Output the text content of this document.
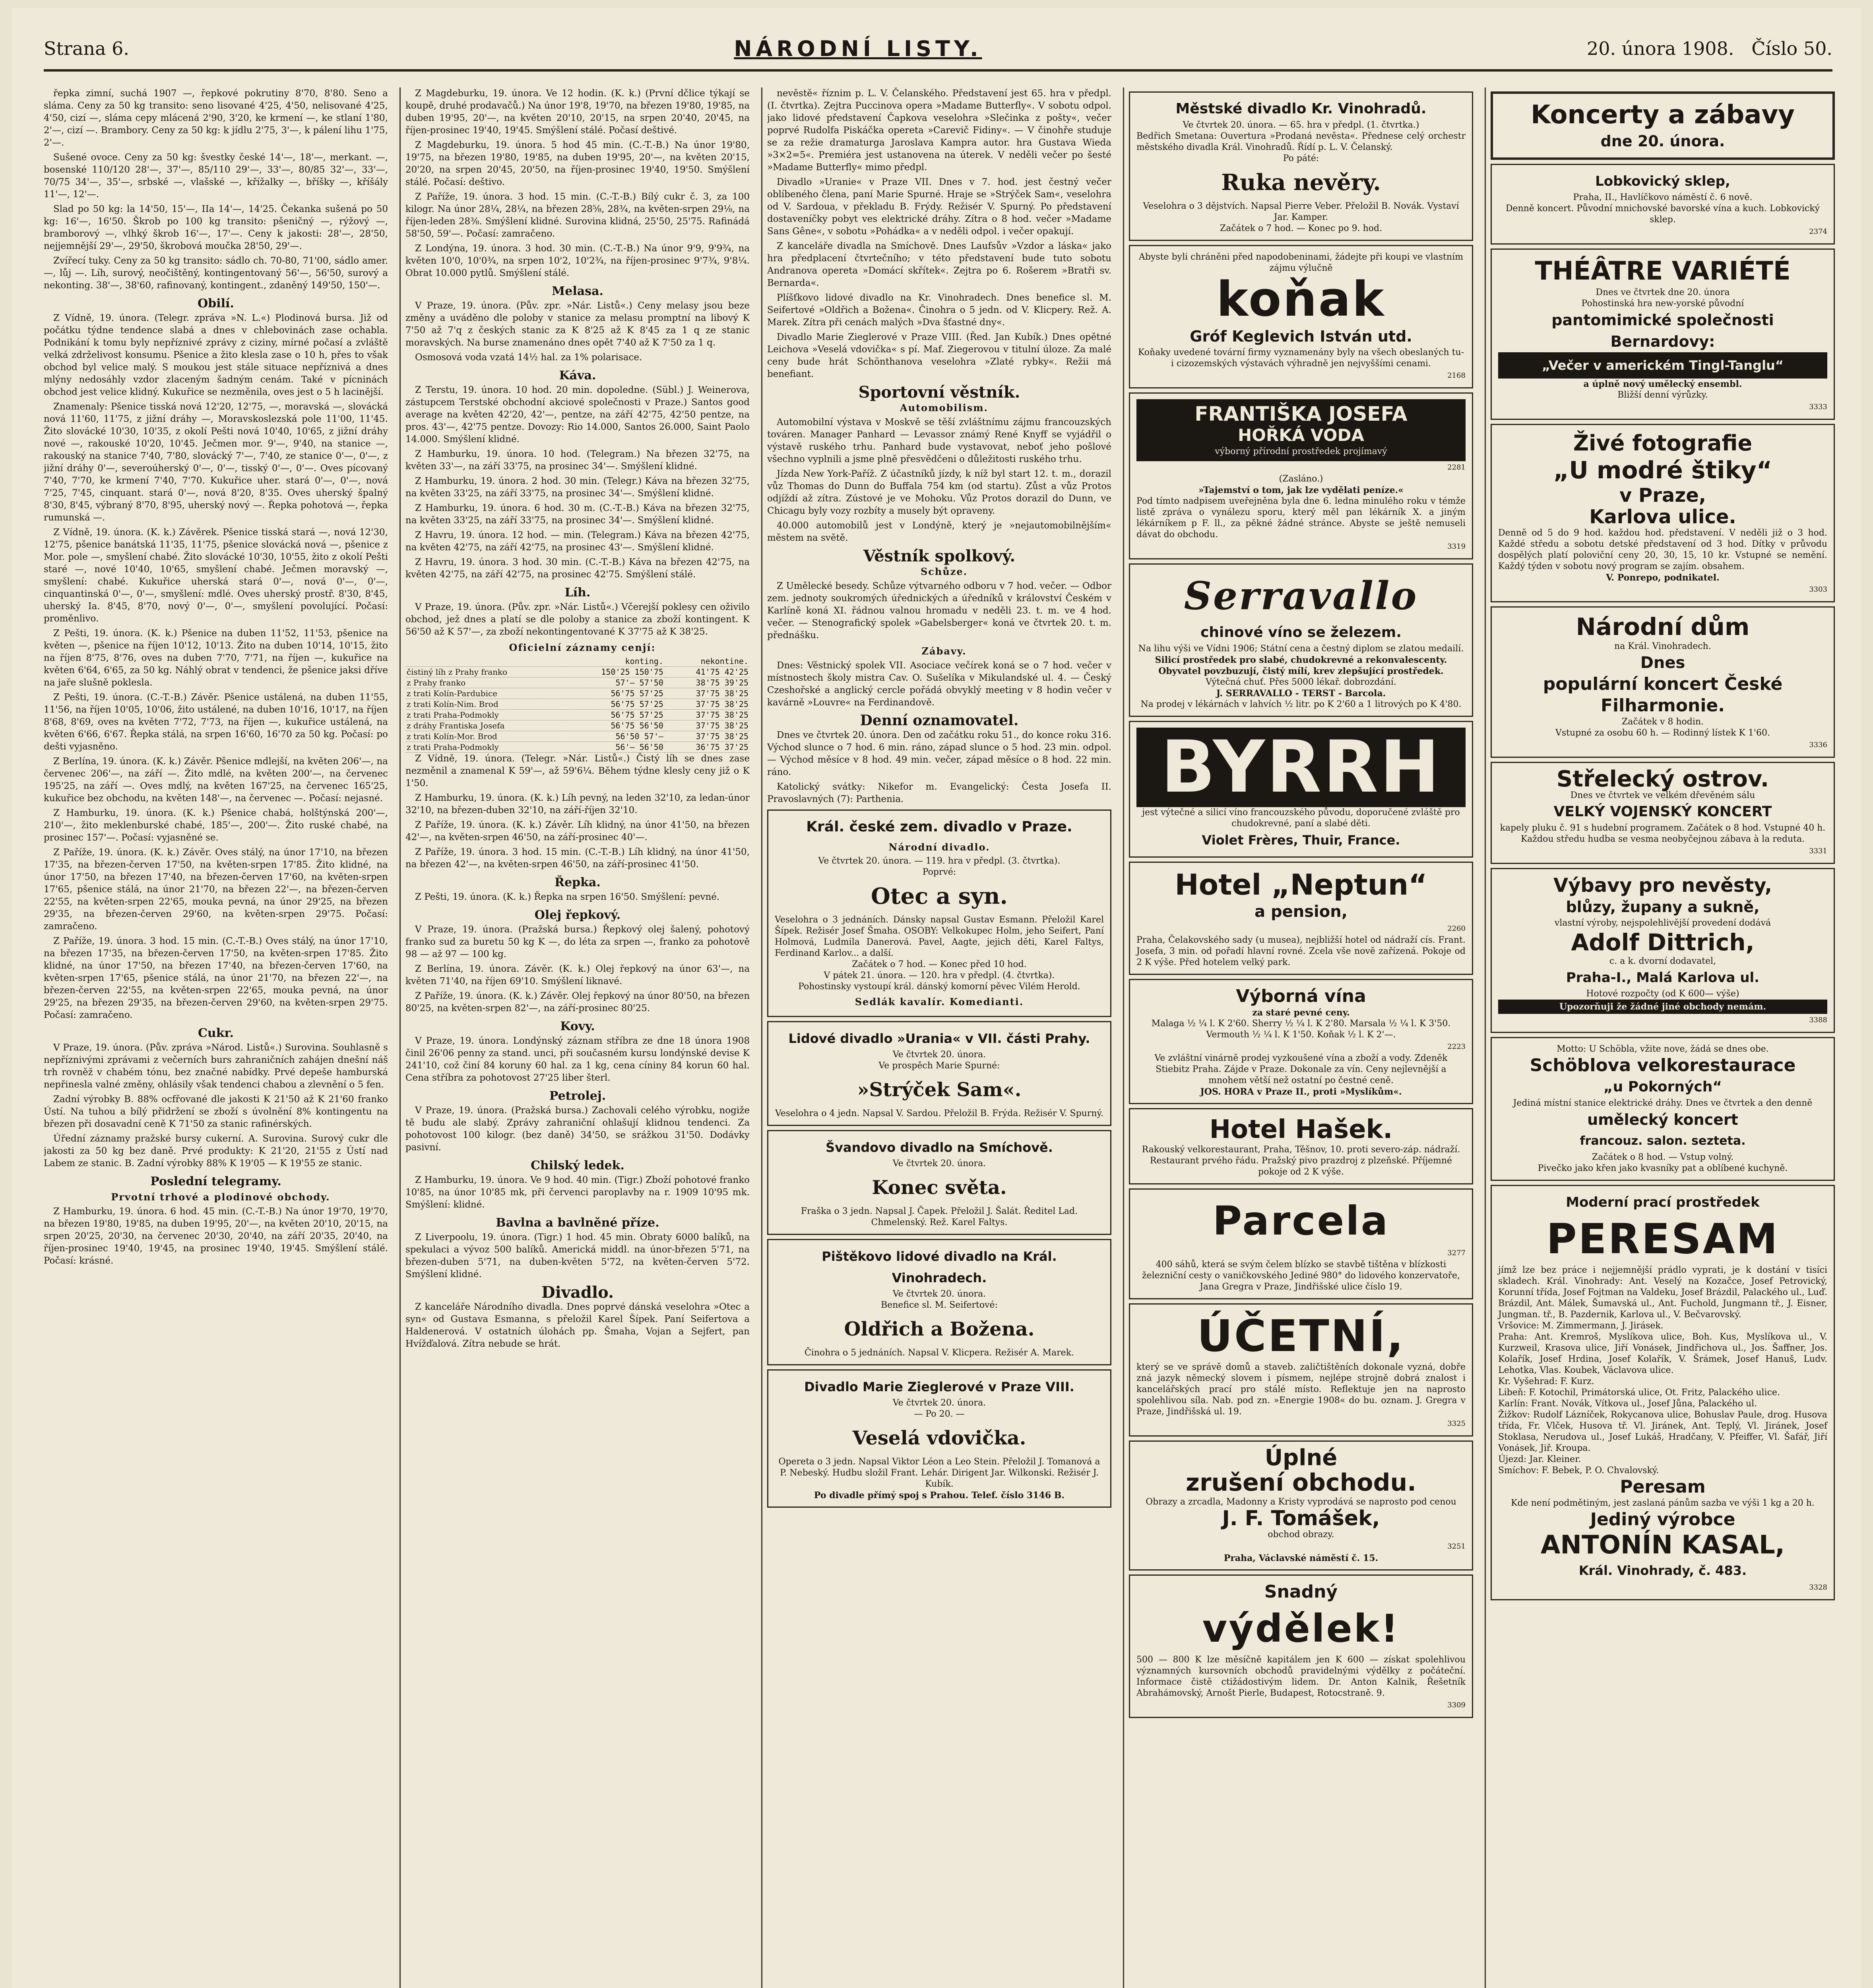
Strana 6.	NÁRODNÍ LISTY.	20. února 1908. Číslo 50.

řepka zimní, suchá 1907 —, řepkové pokrutiny 8'70, 8'80. Seno a sláma. Ceny za 50 kg transito: seno lisované 4'25, 4'50, nelisované 4'25, 4'50, cizí —, sláma cepy mlácená 2'90, 3'20, ke krmení —, ke stlaní 1'80, 2'—, cizí —. Brambory. Ceny za 50 kg: k jídlu 2'75, 3'—, k pálení lihu 1'75, 2'—.

Sušené ovoce. Ceny za 50 kg: švestky české 14'—, 18'—, merkant. —, bosenské 110/120 28'—, 37'—, 85/110 29'—, 33'—, 80/85 32'—, 33'—, 70/75 34'—, 35'—, srbské —, vlašské —, křížalky —, bříšky —, kříšály 11'—, 12'—.

Slad po 50 kg: la 14'50, 15'—, IIa 14'—, 14'25. Čekanka sušená po 50 kg: 16'—, 16'50. Škrob po 100 kg transito: pšeničný —, rýžový —, bramborový —, vlhký škrob 16'—, 17'—. Ceny k jakosti: 28'—, 28'50, nejjemnější 29'—, 29'50, škrobová moučka 28'50, 29'—.

Zvířecí tuky. Ceny za 50 kg transito: sádlo ch. 70-80, 71'00, sádlo amer. —, lůj —. Líh, surový, neočištěný, kontingentovaný 56'—, 56'50, surový a nekonting. 38'—, 38'60, rafinovaný, kontingent., zdaněný 149'50, 150'—.

Obilí.

Z Vídně, 19. února. (Telegr. zpráva »N. L.«) Plodinová bursa. Již od počátku týdne tendence slabá a dnes v chlebovinách zase ochabla. Podnikání k tomu byly nepříznivé zprávy z ciziny, mírné počasí a zvláště velká zdrželivost konsumu. Pšenice a žito klesla zase o 10 h, přes to však obchod byl velice malý. S moukou jest stále situace nepříznivá a dnes mlýny nedosáhly vzdor zlaceným šadným cenám. Také v pícninách obchod jest velice klidný. Kukuřice se nezměnila, oves jest o 5 h lacinější.

Znamenaly: Pšenice tisská nová 12'20, 12'75, —, moravská —, slovácká nová 11'60, 11'75, z jižní dráhy —, Moravskoslezská pole 11'00, 11'45. Žito slovácké 10'30, 10'35, z okolí Pešti nová 10'40, 10'65, z jižní dráhy nové —, rakouské 10'20, 10'45. Ječmen mor. 9'—, 9'40, na stanice —, rakouský na stanice 7'40, 7'80, slovácký 7'—, 7'40, ze stanice 0'—, 0'—, z jižní dráhy 0'—, severoúherský 0'—, 0'—, tisský 0'—, 0'—. Oves pícovaný 7'40, 7'70, ke krmení 7'40, 7'70. Kukuřice uher. stará 0'—, 0'—, nová 7'25, 7'45, cinquant. stará 0'—, nová 8'20, 8'35. Oves uherský špalný 8'30, 8'45, výbraný 8'70, 8'95, uherský nový —. Řepka pohotová —, řepka rumunská —.

Z Vídně, 19. února. (K. k.) Závěrek. Pšenice tisská stará —, nová 12'30, 12'75, pšenice banátská 11'35, 11'75, pšenice slovácká nová —, pšenice z Mor. pole —, smyšlení chabé. Žito slovácké 10'30, 10'55, žito z okolí Pešti staré —, nové 10'40, 10'65, smyšlení chabé. Ječmen moravský —, smyšlení: chabé. Kukuřice uherská stará 0'—, nová 0'—, 0'—, cinquantinská 0'—, 0'—, smyšlení: mdlé. Oves uherský prostř. 8'30, 8'45, uherský Ia. 8'45, 8'70, nový 0'—, 0'—, smyšlení povolující. Počasí: proměnlivo.

Z Pešti, 19. února. (K. k.) Pšenice na duben 11'52, 11'53, pšenice na květen —, pšenice na říjen 10'12, 10'13. Žito na duben 10'14, 10'15, žito na říjen 8'75, 8'76, oves na duben 7'70, 7'71, na říjen —, kukuřice na květen 6'64, 6'65, za 50 kg. Náhlý obrat v tendenci, že pšenice jaksi dříve na jaře slušně poklesla.

Z Pešti, 19. února. (C.-T.-B.) Závěr. Pšenice ustálená, na duben 11'55, 11'56, na říjen 10'05, 10'06, žito ustálené, na duben 10'16, 10'17, na říjen 8'68, 8'69, oves na květen 7'72, 7'73, na říjen —, kukuřice ustálená, na květen 6'66, 6'67. Řepka stálá, na srpen 16'60, 16'70 za 50 kg. Počasí: po dešti vyjasněno.

Z Berlína, 19. února. (K. k.) Závěr. Pšenice mdlejší, na květen 206'—, na červenec 206'—, na září —. Žito mdlé, na květen 200'—, na červenec 195'25, na září —. Oves mdlý, na květen 167'25, na červenec 165'25, kukuřice bez obchodu, na květen 148'—, na červenec —. Počasí: nejasné.

Z Hamburku, 19. února. (K. k.) Pšenice chabá, holštýnská 200'—, 210'—, žito meklenburské chabé, 185'—, 200'—. Žito ruské chabé, na prosinec 157'—. Počasí: vyjasněné se.

Z Paříže, 19. února. (K. k.) Závěr. Oves stálý, na únor 17'10, na březen 17'35, na březen-červen 17'50, na květen-srpen 17'85. Žito klidné, na únor 17'50, na březen 17'40, na březen-červen 17'60, na květen-srpen 17'65, pšenice stálá, na únor 21'70, na březen 22'—, na březen-červen 22'55, na květen-srpen 22'65, mouka pevná, na únor 29'25, na březen 29'35, na březen-červen 29'60, na květen-srpen 29'75. Počasí: zamračeno.

Z Paříže, 19. února. 3 hod. 15 min. (C.-T.-B.) Oves stálý, na únor 17'10, na březen 17'35, na březen-červen 17'50, na květen-srpen 17'85. Žito klidné, na únor 17'50, na březen 17'40, na březen-červen 17'60, na květen-srpen 17'65, pšenice stálá, na únor 21'70, na březen 22'—, na březen-červen 22'55, na květen-srpen 22'65, mouka pevná, na únor 29'25, na březen 29'35, na březen-červen 29'60, na květen-srpen 29'75. Počasí: zamračeno.

Cukr.

V Praze, 19. února. (Pův. zpráva »Národ. Listů«.) Surovina. Souhlasně s nepříznivými zprávami z večerních burs zahraničních zahájen dnešní náš trh rovněž v chabém tónu, bez značné nabídky. Prvé depeše hamburská nepřinesla valné změny, ohlásily však tendenci chabou a zlevnění o 5 fen.

Zadní výrobky B. 88% ocfřované dle jakosti K 21'50 až K 21'60 franko Ústí. Na tuhou a bílý přidržení se zboží s úvolnění 8% kontingentu na březen při dosavadní ceně K 71'50 za stanic rafinérských.

Úřední záznamy pražské bursy cukerní. A. Surovina. Surový cukr dle jakosti za 50 kg bez daně. Prvé produkty: K 21'20, 21'55 z Ústí nad Labem ze stanic. B. Zadní výrobky 88% K 19'05 — K 19'55 ze stanic.

Poslední telegramy.

Prvotní trhové a plodinové obchody.

Z Hamburku, 19. února. 6 hod. 45 min. (C.-T.-B.) Na únor 19'70, 19'70, na březen 19'80, 19'85, na duben 19'95, 20'—, na květen 20'10, 20'15, na srpen 20'25, 20'30, na červenec 20'30, 20'40, na září 20'35, 20'40, na říjen-prosinec 19'40, 19'45, na prosinec 19'40, 19'45. Smýšlení stálé. Počasí: krásné.

Z Magdeburku, 19. února. Ve 12 hodin. (K. k.) (První dčlice týkají se koupě, druhé prodavačů.) Na únor 19'8, 19'70, na březen 19'80, 19'85, na duben 19'95, 20'—, na květen 20'10, 20'15, na srpen 20'40, 20'45, na říjen-prosinec 19'40, 19'45. Smýšlení stálé. Počasí deštivé.

Z Magdeburku, 19. února. 5 hod 45 min. (C.-T.-B.) Na únor 19'80, 19'75, na březen 19'80, 19'85, na duben 19'95, 20'—, na květen 20'15, 20'20, na srpen 20'45, 20'50, na říjen-prosinec 19'40, 19'50. Smýšlení stálé. Počasí: deštivo.

Z Paříže, 19. února. 3 hod. 15 min. (C.-T.-B.) Bílý cukr č. 3, za 100 kilogr. Na únor 28¼, 28¼, na březen 28⅝, 28¾, na květen-srpen 29⅛, na říjen-leden 28⅜. Smýšlení klidné. Surovina klidná, 25'50, 25'75. Rafinádá 58'50, 59'—. Počasí: zamračeno.

Z Londýna, 19. února. 3 hod. 30 min. (C.-T.-B.) Na únor 9'9, 9'9¾, na květen 10'0, 10'0¾, na srpen 10'2, 10'2¾, na říjen-prosinec 9'7¾, 9'8¼. Obrat 10.000 pytlů. Smýšlení stálé.

Melasa.

V Praze, 19. února. (Pův. zpr. »Nár. Listů«.) Ceny melasy jsou beze změny a uváděno dle poloby v stanice za melasu promptní na libový K 7'50 až 7'q z českých stanic za K 8'25 až K 8'45 za 1 q ze stanic moravských. Na burse znamenáno dnes opět 7'40 až K 7'50 za 1 q.

Osmosová voda vzatá 14½ hal. za 1% polarisace.

Káva.

Z Terstu, 19. února. 10 hod. 20 min. dopoledne. (Sübl.) J. Weinerova, zástupcem Terstské obchodní akciové společnosti v Praze.) Santos good average na květen 42'20, 42'—, pentze, na září 42'75, 42'50 pentze, na pros. 43'—, 42'75 pentze. Dovozy: Rio 14.000, Santos 26.000, Saint Paolo 14.000. Smýšlení klidné.

Z Hamburku, 19. února. 10 hod. (Telegram.) Na březen 32'75, na květen 33'—, na září 33'75, na prosinec 34'—. Smýšlení klidné.

Z Hamburku, 19. února. 2 hod. 30 min. (Telegr.) Káva na březen 32'75, na květen 33'25, na září 33'75, na prosinec 34'—. Smýšlení klidné.

Z Hamburku, 19. února. 6 hod. 30 m. (C.-T.-B.) Káva na březen 32'75, na květen 33'25, na září 33'75, na prosinec 34'—. Smýšlení klidné.

Z Havru, 19. února. 12 hod. — min. (Telegram.) Káva na březen 42'75, na květen 42'75, na září 42'75, na prosinec 43'—. Smýšlení klidné.

Z Havru, 19. února. 3 hod. 30 min. (C.-T.-B.) Káva na březen 42'75, na květen 42'75, na září 42'75, na prosinec 42'75. Smýšlení stálé.

Líh.

V Praze, 19. února. (Pův. zpr. »Nár. Listů«.) Včerejší poklesy cen oživilo obchod, jež dnes a platí se dle poloby a stanice za zboží kontingent. K 56'50 až K 57'—, za zboží nekontingentované K 37'75 až K 38'25.

Oficielní záznamy cenjí:

	konting.	nekontine.
čistiný líh z Prahy franko	150'25 150'75	41'75 42'25
z Prahy franko	57'— 57'50	38'75 39'25
z trati Kolín-Pardubice	56'75 57'25	37'75 38'25
z trati Kolín-Nim. Brod	56'75 57'25	37'75 38'25
z trati Praha-Podmokly	56'75 57'25	37'75 38'25
z dráhy Frantiska Josefa	56'75 56'50	37'75 38'25
z trati Kolín-Mor. Brod	56'50 57'—	37'75 38'25
z trati Praha-Podmokly	56'— 56'50	36'75 37'25

Z Vídně, 19. února. (Telegr. »Nár. Listů«.) Čistý líh se dnes zase nezměnil a znamenal K 59'—, až 59'6¼. Během týdne klesly ceny již o K 1'50.

Z Hamburku, 19. února. (K. k.) Líh pevný, na leden 32'10, za ledan-únor 32'10, na březen-duben 32'10, na září-říjen 32'10.

Z Paříže, 19. února. (K. k.) Závěr. Líh klidný, na únor 41'50, na březen 42'—, na květen-srpen 46'50, na září-prosinec 40'—.

Z Paříže, 19. února. 3 hod. 15 min. (C.-T.-B.) Líh klidný, na únor 41'50, na březen 42'—, na květen-srpen 46'50, na září-prosinec 41'50.

Řepka.

Z Pešti, 19. února. (K. k.) Řepka na srpen 16'50. Smýšlení: pevné.

Olej řepkový.

V Praze, 19. února. (Pražská bursa.) Řepkový olej šalený, pohotový franko sud za buretu 50 kg K —, do léta za srpen —, franko za pohotově 98 — až 97 — 100 kg.

Z Berlína, 19. února. Závěr. (K. k.) Olej řepkový na únor 63'—, na květen 71'40, na říjen 69'10. Smýšlení liknavé.

Z Paříže, 19. února. (K. k.) Závěr. Olej řepkový na únor 80'50, na březen 80'25, na květen-srpen 82'—, na září-prosinec 80'25.

Kovy.

V Praze, 19. února. Londýnský záznam stříbra ze dne 18 února 1908 činil 26'06 penny za stand. unci, při současném kursu londýnské devise K 241'10, což činí 84 koruny 60 hal. za 1 kg, cena cíniny 84 korun 60 hal. Cena stříbra za pohotovost 27'25 liber šterl.

Petrolej.

V Praze, 19. února. (Pražská bursa.) Zachovali celého výrobku, nogiže tě budu ale slabý. Zprávy zahraniční ohlašují klidnou tendenci. Za pohotovost 100 kilogr. (bez daně) 34'50, se srážkou 31'50. Dodávky pasivní.

Chilský ledek.

Z Hamburku, 19. února. Ve 9 hod. 40 min. (Tigr.) Zboží pohotové franko 10'85, na únor 10'85 mk, při červenci paroplavby na r. 1909 10'95 mk. Smýšlení: klidné.

Bavlna a bavlněné příze.

Z Liverpoolu, 19. února. (Tigr.) 1 hod. 45 min. Obraty 6000 balíků, na spekulaci a vývoz 500 balíků. Americká middl. na únor-březen 5'71, na březen-duben 5'71, na duben-květen 5'72, na květen-červen 5'72. Smýšlení klidné.

Divadlo.

Z kanceláře Národního divadla. Dnes poprvé dánská veselohra »Otec a syn« od Gustava Esmanna, s přeložil Karel Šípek. Paní Seifertova a Haldenerová. V ostatních úlohách pp. Šmaha, Vojan a Sejfert, pan Hvížďalová. Zítra nebude se hrát.

nevěstě« říznim p. L. V. Čelanského. Představení jest 65. hra v předpl. (I. čtvrtka). Zejtra Puccinova opera »Madame Butterfly«. V sobotu odpol. jako lidové představení Čapkova veselohra »Slečinka z pošty«, večer poprvé Rudolfa Piskáčka opereta »Carevič Fidiny«. — V činohře studuje se za režie dramaturga Jaroslava Kampra autor. hra Gustava Wieda »3×2=5«. Premiéra jest ustanovena na úterek. V neděli večer po šesté »Madame Butterfly« mimo předpl.

Divadlo »Uranie« v Praze VII. Dnes v 7. hod. jest čestný večer oblíbeného člena, paní Marie Spurné. Hraje se »Strýček Sam«, veselohra od V. Sardoua, v překladu B. Frýdy. Režisér V. Spurný. Po představení dostaveníčky pobyt ves elektrické dráhy. Zítra o 8 hod. večer »Madame Sans Gêne«, v sobotu »Pohádka« a v neděli odpol. i večer opakují.

Z kanceláře divadla na Smíchově. Dnes Laufsův »Vzdor a láska« jako hra předplacení čtvrtečního; v této představení bude tuto sobotu Andranova opereta »Domácí skřítek«. Zejtra po 6. Rošerem »Bratři sv. Bernarda«.

Plíšťkovo lidové divadlo na Kr. Vinohradech. Dnes benefice sl. M. Seifertové »Oldřich a Božena«. Činohra o 5 jedn. od V. Klicpery. Rež. A. Marek. Zítra při cenách malých »Dva šťastné dny«.

Divadlo Marie Zieglerové v Praze VIII. (Řed. Jan Kubík.) Dnes opětné Leichova »Veselá vdovička« s pí. Maf. Ziegerovou v titulní úloze. Za malé ceny bude hrát Schönthanova veselohra »Zlaté rybky«. Režii má benefiant.

Sportovní věstník.

Automobilism.

Automobilní výstava v Moskvě se těší zvláštnímu zájmu francouzských továren. Manager Panhard — Levassor známý René Knyff se vyjádřil o výstavě ruského trhu. Panhard bude vystavovat, neboť jeho pošlové všechno vyplnili a jsme plně přesvědčeni o důležitosti ruského trhu.

Jízda New York-Paříž. Z účastníků jízdy, k níž byl start 12. t. m., dorazil vůz Thomas do Dunn do Buffala 754 km (od startu). Zůst a vůz Protos odjíždí až zítra. Zústové je ve Mohoku. Vůz Protos dorazil do Dunn, ve Chicagu byly vozy rozbíty a musely být opraveny.

40.000 automobilů jest v Londýně, který je »nejautomobilnějším« městem na světě.

Věstník spolkový.

Schůze.

Z Umělecké besedy. Schůze výtvarného odboru v 7 hod. večer. — Odbor zem. jednoty soukromých úřednických a úředníků v království Českém v Karlíně koná XI. řádnou valnou hromadu v neděli 23. t. m. ve 4 hod. večer. — Stenografický spolek »Gabelsberger« koná ve čtvrtek 20. t. m. přednášku.

Zábavy.

Dnes: Věstnický spolek VII. Asociace večírek koná se o 7 hod. večer v místnostech školy mistra Cav. O. Sušelíka v Mikulandské ul. 4. — Český Czeshořské a anglický cercle pořádá obvyklý meeting v 8 hodin večer v kavárně »Louvre« na Ferdinandově.

Denní oznamovatel.

Dnes ve čtvrtek 20. února. Den od začátku roku 51., do konce roku 316. Východ slunce o 7 hod. 6 min. ráno, západ slunce o 5 hod. 23 min. odpol. — Východ měsíce v 8 hod. 49 min. večer, západ měsíce o 8 hod. 22 min. ráno.

Katolický svátky: Nikefor m. Evangelický: Česta Josefa II. Pravoslavných (7): Parthenia.

Král. české zem. divadlo v Praze.
Národní divadlo.
Ve čtvrtek 20. února. — 119. hra v předpl. (3. čtvrtka).
Poprvé:
Otec a syn.
Veselohra o 3 jednáních. Dánsky napsal Gustav Esmann. Přeložil Karel Šípek. Režisér Josef Šmaha. OSOBY: Velkokupec Holm, jeho Seifert, Paní Holmová, Ludmila Danerová. Pavel, Aagte, jejich děti, Karel Faltys, Ferdinand Karlov... a další.
Začátek o 7 hod. — Konec před 10 hod.
V pátek 21. února. — 120. hra v předpl. (4. čtvrtka).
Pohostinsky vystoupí král. dánský komorní pěvec Vilém Herold.
Sedlák kavalír. Komedianti.
Lidové divadlo »Urania« v VII. části Prahy.
Ve čtvrtek 20. února.
Ve prospěch Marie Spurné:
»Strýček Sam«.
Veselohra o 4 jedn. Napsal V. Sardou. Přeložil B. Frýda. Režisér V. Spurný.
Švandovo divadlo na Smíchově.
Ve čtvrtek 20. února.
Konec světa.
Fraška o 3 jedn. Napsal J. Čapek. Přeložil J. Šalát. Ředitel Lad. Chmelenský. Rež. Karel Faltys.
Pištěkovo lidové divadlo na Král. Vinohradech.
Ve čtvrtek 20. února.
Benefice sl. M. Seifertové:
Oldřich a Božena.
Činohra o 5 jednáních. Napsal V. Klicpera. Režisér A. Marek.
Divadlo Marie Zieglerové v Praze VIII.
Ve čtvrtek 20. února.
— Po 20. —
Veselá vdovička.
Opereta o 3 jedn. Napsal Viktor Léon a Leo Stein. Přeložil J. Tomanová a P. Nebeský. Hudbu složil Frant. Lehár. Dirigent Jar. Wilkonski. Režisér J. Kubík.
Po divadle přímý spoj s Prahou. Telef. číslo 3146 B.
Městské divadlo Kr. Vinohradů.
Ve čtvrtek 20. února. — 65. hra v předpl. (1. čtvrtka.)
Bedřich Smetana: Ouvertura »Prodaná nevěsta«. Přednese celý orchestr městského divadla Král. Vinohradů. Řídí p. L. V. Čelanský.
Po páté:
Ruka nevěry.
Veselohra o 3 dějstvích. Napsal Pierre Veber. Přeložil B. Novák. Vystaví Jar. Kamper.
Začátek o 7 hod. — Konec po 9. hod.
Abyste byli chráněni před napodobeninami, žádejte při koupi ve vlastním zájmu výlučně
koňak
Gróf Keglevich István utd.
Koňaky uvedené tovární firmy vyznamenány byly na všech obeslaných tu- i cizozemských výstavách výhradně jen nejvyššími cenami.
2168
FRANTIŠKA JOSEFA
HOŘKÁ VODA
výborný přírodní prostředek projímavý
2281
(Zasláno.)
»Tajemství o tom, jak lze vydělati peníze.«
Pod tímto nadpisem uveřejněna byla dne 6. ledna minulého roku v témže listě zpráva o vynálezu sporu, který měl pan lékárník X. a jiným lékárníkem p F. ll., za pěkné žádné stránce. Abyste se ještě nemuseli dávat do obchodu.
3319
Serravallo
chinové víno se železem.
Na lihu výši ve Vídni 1906; Státní cena a čestný diplom se zlatou medailí.
Silicí prostředek pro slabé, chudokrevné a rekonvalescenty.
Obyvatel povzbuzují, čistý mílí, krev zlepšující prostředek.
Výtečná chuť. Přes 5000 lékař. dobrozdání.
J. SERRAVALLO - TERST - Barcola.
Na prodej v lékárnách v lahvích ½ litr. po K 2'60 a 1 litrových po K 4'80.
BYRRH
jest výtečné a silicí víno francouzského původu, doporučené zvláště pro chudokrevné, paní a slabé děti.
Violet Frères, Thuir, France.
Hotel „Neptun“
a pension,
2260
Praha, Čelakovského sady (u musea), nejbližší hotel od nádraží cís. Frant. Josefa, 3 min. od pořadí hlavní rovné. Zcela vše nově zařízená. Pokoje od 2 K výše. Před hotelem velký park.
Výborná vína
za staré pevné ceny.
Malaga ½ ¼ l. K 2'60. Sherry ½ ¼ l. K 2'80. Marsala ½ ¼ l. K 3'50. Vermouth ½ ¼ l. K 1'50. Koňak ½ l. K 2'—.
2223
Ve zvláštní vinárně prodej vyzkoušené vína a zboží a vody. Zdeněk Stiebitz Praha. Zájde v Praze. Dokonale za vín. Ceny nejlevnější a mnohem větší než ostatní po čestné ceně.
JOS. HORA v Praze II., proti »Myslíkům«.
Hotel Hašek.
Rakouský velkorestaurant, Praha, Těšnov, 10. proti severo-záp. nádraží. Restaurant prvého řádu. Pražský pivo prazdroj z plzeňské. Příjemné pokoje od 2 K výše.
Parcela
3277
400 sáhů, která se svým čelem blízko se stavbě tištěna v blízkosti železniční cesty o vaničkovského Jediné 980° do lidového konzervatoře, Jana Gregra v Praze, Jindřišské ulice číslo 19.
ÚČETNÍ,
který se ve správě domů a staveb. zaličtištěních dokonale vyzná, dobře zná jazyk německý slovem i písmem, nejlépe strojně dobrá znalost i kancelářských prací pro stálé místo. Reflektuje jen na naprosto spolehlivou síla. Nab. pod zn. »Energie 1908« do bu. oznam. J. Gregra v Praze, Jindřišská ul. 19.
3325
Úplné
zrušení obchodu.
Obrazy a zrcadla, Madonny a Kristy vyprodává se naprosto pod cenou
J. F. Tomášek,
obchod obrazy.
3251
Praha, Václavské náměstí č. 15.
Snadný
výdělek!
500 — 800 K lze měsíčně kapitálem jen K 600 — získat spolehlivou významných kursovních obchodů pravidelnými výdělky z počáteční. Informace čistě ctižádostivým lidem. Dr. Anton Kalnik, Řešetník Abrahámovský, Arnošt Pierle, Budapest, Rotocstraně. 9.
3309
Koncerty a zábavy
dne 20. února.
Lobkovický sklep,
Praha, II., Havlíčkovo náměstí č. 6 nově.
Denně koncert. Původní mnichovské bavorské vína a kuch. Lobkovický sklep.
2374
THÉÂTRE VARIÉTÉ
Dnes ve čtvrtek dne 20. února
Pohostinská hra new-yorské původní
pantomimické společnosti
Bernardovy:
„Večer v americkém Tingl-Tanglu“
a úplně nový umělecký ensembl.
Bližší denní výrůzky.
3333
Živé fotografie
„U modré štiky“
v Praze,
Karlova ulice.
Denně od 5 do 9 hod. každou hod. představení. V neděli již o 3 hod. Každé středu a sobotu detské představení od 3 hod. Dítky v průvodu dospělých platí poloviční ceny 20, 30, 15, 10 kr. Vstupné se nemění. Každý týden v sobotu nový program se zajím. obsahem.
V. Ponrepo, podnikatel.
3303
Národní dům
na Král. Vinohradech.
Dnes
populární koncert České Filharmonie.
Začátek v 8 hodin.
Vstupné za osobu 60 h. — Rodinný lístek K 1'60.
3336
Střelecký ostrov.
Dnes ve čtvrtek ve velkém dřevěném sálu
VELKÝ VOJENSKÝ KONCERT
kapely pluku č. 91 s hudební programem. Začátek o 8 hod. Vstupné 40 h. Každou středu hudba se vesma neobyčejnou zábava à la reduta.
3331
Výbavy pro nevěsty,
blůzy, župany a sukně,
vlastní výroby, nejspolehlivější provedení dodává
Adolf Dittrich,
c. a k. dvorní dodavatel,
Praha-I., Malá Karlova ul.
Hotové rozpočty (od K 600— výše)
Upozorňuji že žádné jiné obchody nemám.
3388
Motto: U Schöbla, vžite nove, žádá se dnes obe.
Schöblova velkorestaurace
„u Pokorných“
Jediná místní stanice elektrické dráhy. Dnes ve čtvrtek a den denně
umělecký koncert
francouz. salon. sezteta.
Začátek o 8 hod. — Vstup volný.
Pivečko jako křen jako kvasníky pat a oblíbené kuchyně.
Moderní prací prostředek
PERESAM
jímž lze bez práce i nejjemnější prádlo vyprati, je k dostání v tisíci skladech. Král. Vinohrady: Ant. Veselý na Kozačce, Josef Petrovický, Korunní třída, Josef Fojtman na Valdeku, Josef Brázdil, Palackého ul., Luď. Brázdil, Ant. Málek, Šumavská ul., Ant. Fuchold, Jungmann tř., J. Eisner, Jungman. tř., B. Pazdernik, Karlova ul., V. Bečvarovský.
Vršovice: M. Zimmermann, J. Jirásek.
Praha: Ant. Kremroš, Myslíkova ulice, Boh. Kus, Myslíkova ul., V. Kurzweil, Krasova ulice, Jiří Vonásek, Jindřichova ul., Jos. Šaffner, Jos. Kolařík, Josef Hrdina, Josef Kolařík, V. Šrámek, Josef Hanuš, Ludv. Lehotka, Vlas. Koubek, Václavova ulice.
Kr. Vyšehrad: F. Kurz.
Libeň: F. Kotochil, Primátorská ulice, Ot. Fritz, Palackého ulice.
Karlín: Frant. Novák, Vítkova ul., Josef Jůna, Palackého ul.
Žižkov: Rudolf Lázníček, Rokycanova ulice, Bohuslav Paule, drog. Husova třída, Fr. Vlček, Husova tř. Vl. Jiránek, Ant. Teplý, Vl. Jiránek, Josef Stoklasa, Nerudova ul., Josef Lukáš, Hradčany, V. Pfeiffer, Vl. Šafář, Jiří Vonásek, Jiř. Kroupa.
Újezd: Jar. Kleiner.
Smíchov: F. Bebek, P. O. Chvalovský.
Peresam
Kde není podmětiným, jest zaslaná pánům sazba ve výši 1 kg a 20 h.
Jediný výrobce
ANTONÍN KASAL,
Král. Vinohrady, č. 483.
3328
